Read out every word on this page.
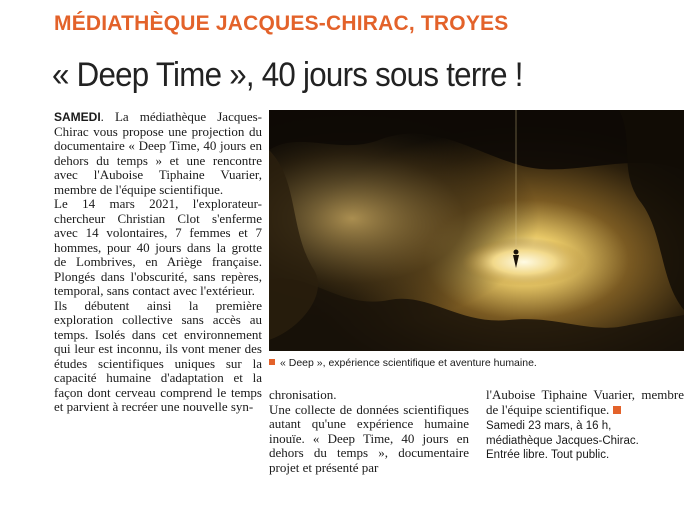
MÉDIATHÈQUE JACQUES-CHIRAC, TROYES
« Deep Time », 40 jours sous terre !

SAMEDI. La médiathèque Jacques-Chirac vous propose une projection du documentaire « Deep Time, 40 jours en dehors du temps » et une rencontre avec l'Auboise Tiphaine Vuarier, membre de l'équipe scientifique.

Le 14 mars 2021, l'explorateur-chercheur Christian Clot s'enferme avec 14 volontaires, 7 femmes et 7 hommes, pour 40 jours dans la grotte de Lombrives, en Ariège française. Plongés dans l'obscurité, sans repères, temporal, sans contact avec l'extérieur.

Ils débutent ainsi la première exploration collective sans accès au temps. Isolés dans cet environnement qui leur est inconnu, ils vont mener des études scientifiques uniques sur la capacité humaine d'adaptation et la façon dont cerveau comprend le temps et parvient à recréer une nouvelle syn-

« Deep », expérience scientifique et aventure humaine.

chronisation.

Une collecte de données scientifiques autant qu'une expérience humaine inouïe. « Deep Time, 40 jours en dehors du temps », documentaire projet et présenté par

l'Auboise Tiphaine Vuarier, membre de l'équipe scientifique.

Samedi 23 mars, à 16 h,
médiathèque Jacques-Chirac.
Entrée libre. Tout public.
